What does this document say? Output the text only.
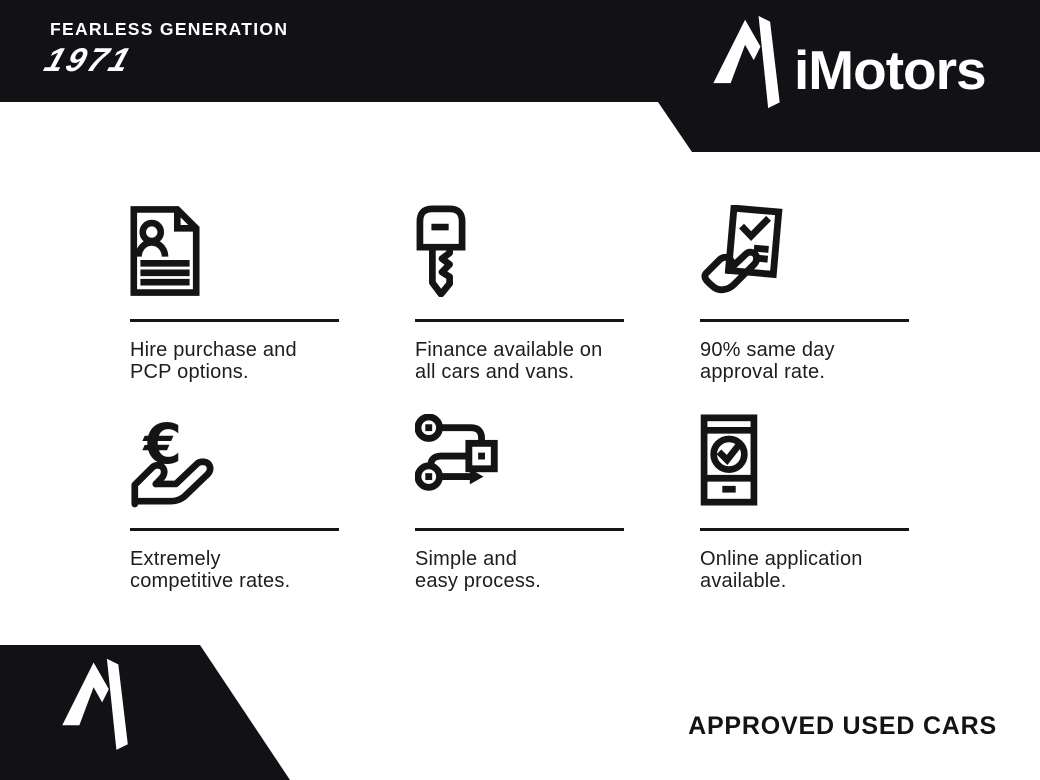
FEARLESS GENERATION
1971	iMotors
Hire purchase and
PCP options.
Finance available on
all cars and vans.
90% same day
approval rate.
€
Extremely
competitive rates.
Simple and
easy process.
Online application
available.
APPROVED USED CARS
